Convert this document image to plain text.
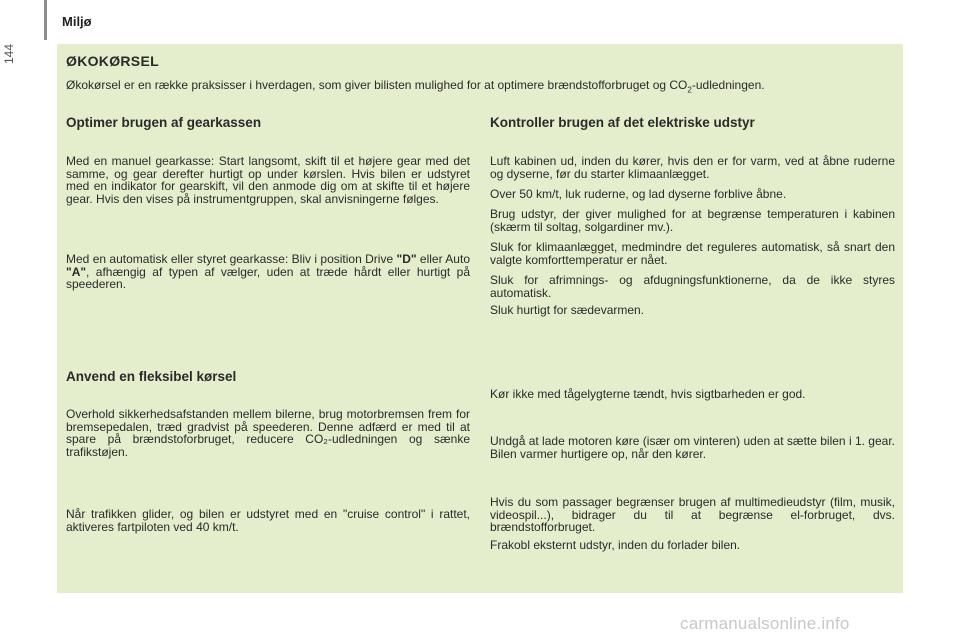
144
Miljø
ØKOKØRSEL
Økokørsel er en række praksisser i hverdagen, som giver bilisten mulighed for at optimere brændstofforbruget og $CO_2$-udledningen.
Optimer brugen af gearkassen

Med en manuel gearkasse: Start langsomt, skift til et højere gear med det samme, og gear derefter hurtigt op under kørslen. Hvis bilen er udstyret med en indikator for gearskift, vil den anmode dig om at skifte til et højere gear. Hvis den vises på instrumentgruppen, skal anvisningerne følges.

Med en automatisk eller styret gearkasse: Bliv i position Drive "D" eller Auto "A", afhængig af typen af vælger, uden at træde hårdt eller hurtigt på speederen.

Anvend en fleksibel kørsel

Overhold sikkerhedsafstanden mellem bilerne, brug motorbremsen frem for bremsepedalen, træd gradvist på speederen. Denne adfærd er med til at spare på brændstoforbruget, reducere CO₂-udledningen og sænke trafikstøjen.

Når trafikken glider, og bilen er udstyret med en "cruise control" i rattet, aktiveres fartpiloten ved 40 km/t.

Kontroller brugen af det elektriske udstyr

Luft kabinen ud, inden du kører, hvis den er for varm, ved at åbne ruderne og dyserne, før du starter klimaanlægget.

Over 50 km/t, luk ruderne, og lad dyserne forblive åbne.

Brug udstyr, der giver mulighed for at begrænse temperaturen i kabinen (skærm til soltag, solgardiner mv.).

Sluk for klimaanlægget, medmindre det reguleres automatisk, så snart den valgte komforttemperatur er nået.

Sluk for afrimnings- og afdugningsfunktionerne, da de ikke styres automatisk.

Sluk hurtigt for sædevarmen.

Kør ikke med tågelygterne tændt, hvis sigtbarheden er god.

Undgå at lade motoren køre (især om vinteren) uden at sætte bilen i 1. gear. Bilen varmer hurtigere op, når den kører.

Hvis du som passager begrænser brugen af multimedieudstyr (film, musik, videospil...), bidrager du til at begrænse el-forbruget, dvs. brændstofforbruget.

Frakobl eksternt udstyr, inden du forlader bilen.

carmanualsonline.info
